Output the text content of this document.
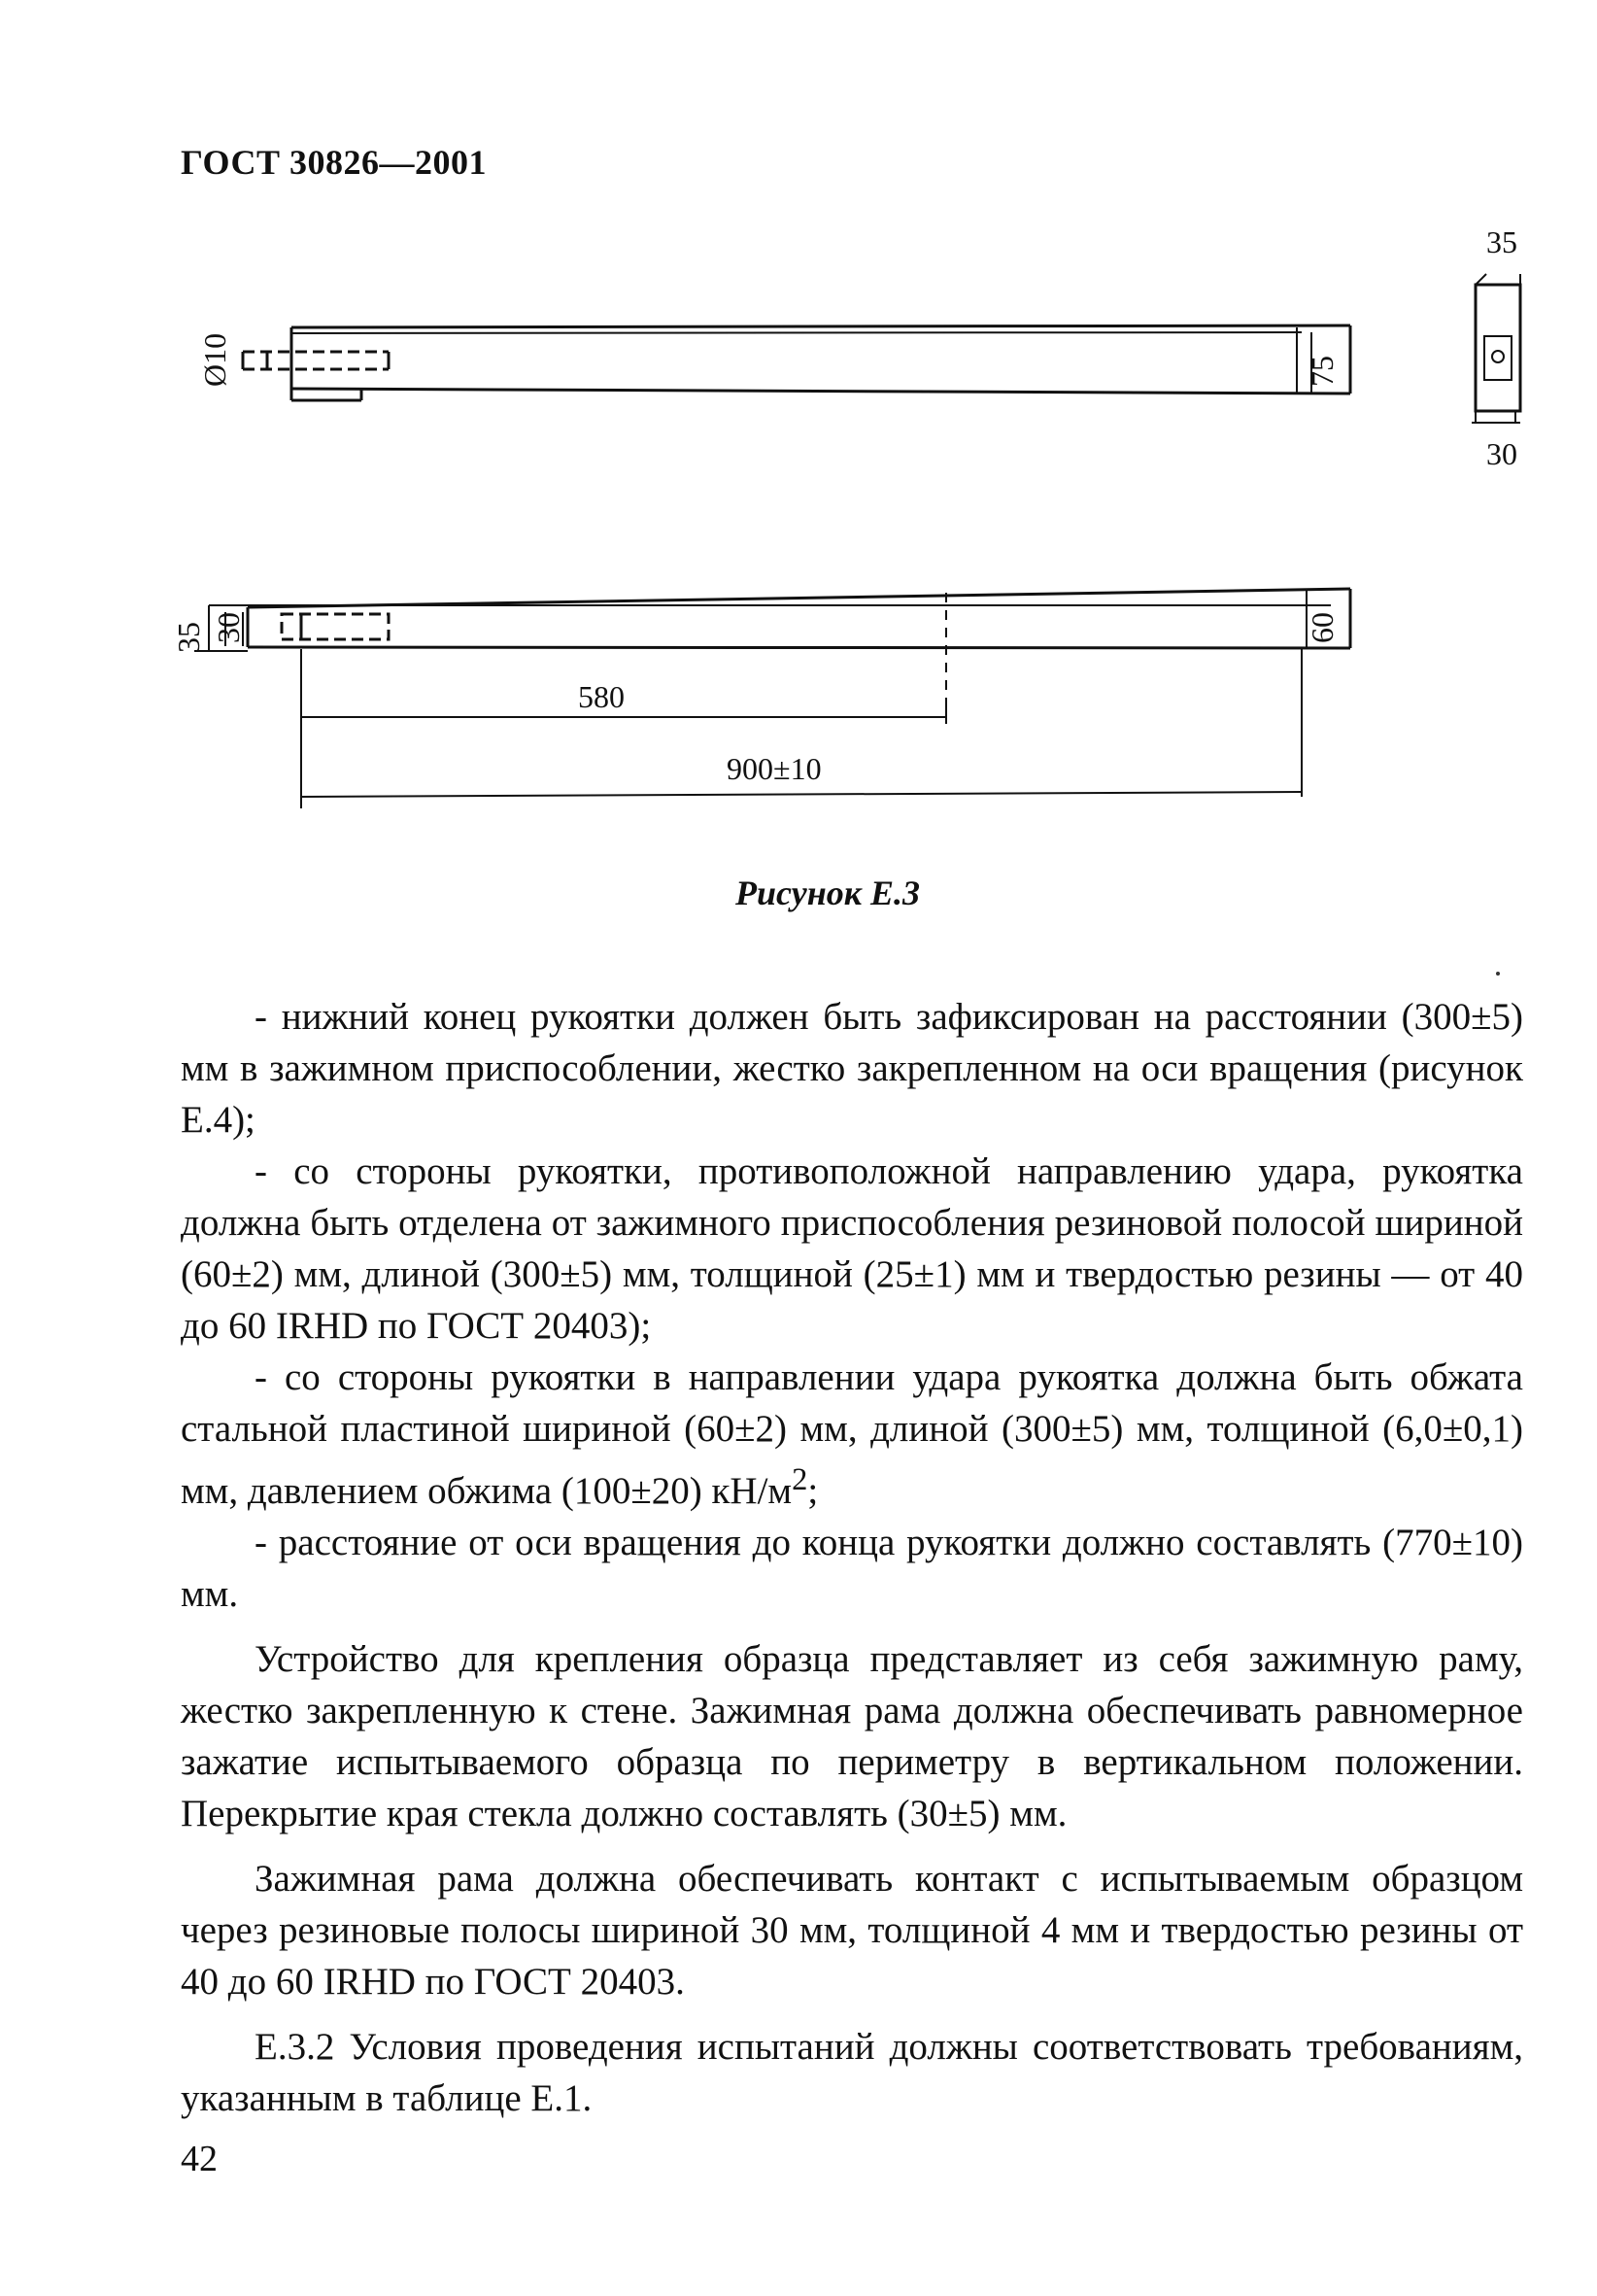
ГОСТ 30826—2001
Ø10	75
35
30
35 30	60
580
900±10
Рисунок Е.3

- нижний конец рукоятки должен быть зафиксирован на расстоянии (300±5) мм в зажимном приспособлении, жестко закрепленном на оси вращения (рисунок Е.4);

- со стороны рукоятки, противоположной направлению удара, рукоятка должна быть отделена от зажимного приспособления резиновой полосой шириной (60±2) мм, длиной (300±5) мм, толщиной (25±1) мм и твердостью резины — от 40 до 60 IRHD по ГОСТ 20403);

- со стороны рукоятки в направлении удара рукоятка должна быть обжата стальной пластиной шириной (60±2) мм, длиной (300±5) мм, толщиной (6,0±0,1) мм, давлением обжима (100±20) $кН/м^2$;

- расстояние от оси вращения до конца рукоятки должно составлять (770±10) мм.

Устройство для крепления образца представляет из себя зажимную раму, жестко закрепленную к стене. Зажимная рама должна обеспечивать равномерное зажатие испытываемого образца по периметру в вертикальном положении. Перекрытие края стекла должно составлять (30±5) мм.

Зажимная рама должна обеспечивать контакт с испытываемым образцом через резиновые полосы шириной 30 мм, толщиной 4 мм и твердостью резины от 40 до 60 IRHD по ГОСТ 20403.

Е.3.2 Условия проведения испытаний должны соответствовать требованиям, указанным в таблице Е.1.

42
